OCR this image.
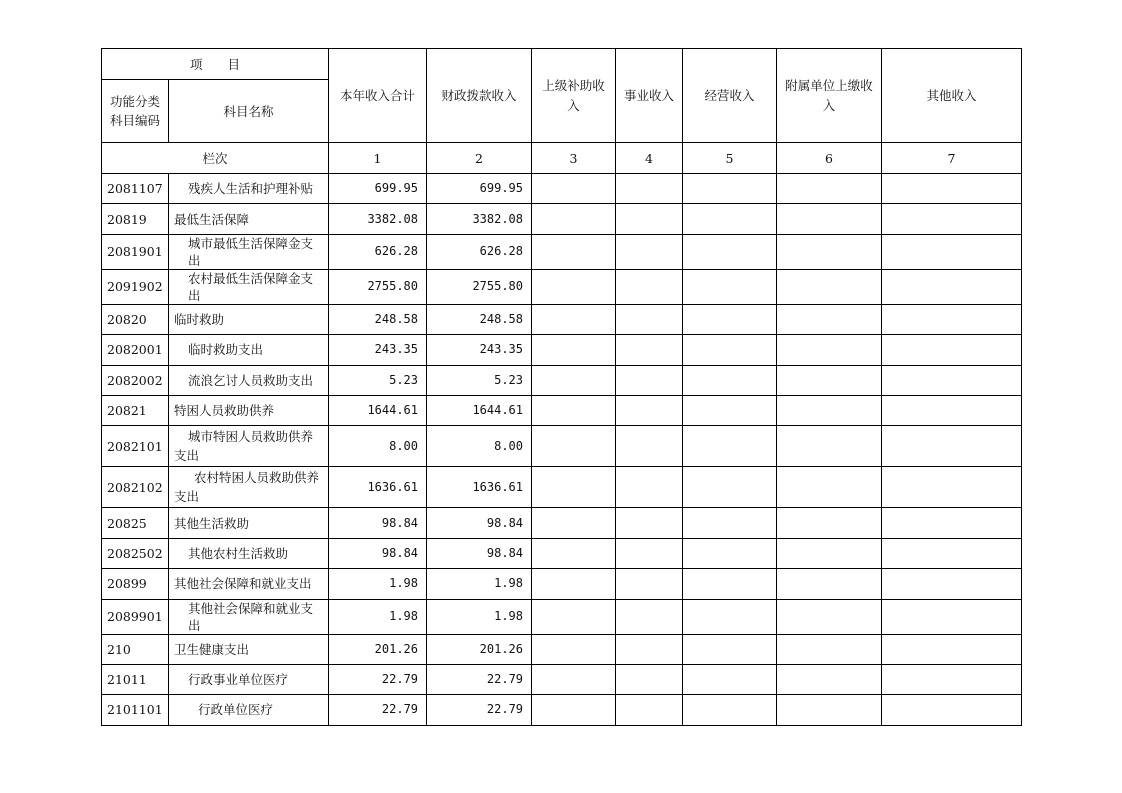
项　　目		本年收入合计	财政拨款收入	上级补助收入	事业收入	经营收入	附属单位上缴收入	其他收入
功能分类科目编码	科目名称							
栏次		1	2	3	4	5	6	7
2081107	残疾人生活和护理补贴	699.95	699.95					
20819	最低生活保障	3382.08	3382.08					
2081901	城市最低生活保障金支出	626.28	626.28					
2091902	农村最低生活保障金支出	2755.80	2755.80					
20820	临时救助	248.58	248.58					
2082001	临时救助支出	243.35	243.35					
2082002	流浪乞讨人员救助支出	5.23	5.23					
20821	特困人员救助供养	1644.61	1644.61					
2082101	城市特困人员救助供养支出	8.00	8.00					
2082102	农村特困人员救助供养支出	1636.61	1636.61					
20825	其他生活救助	98.84	98.84					
2082502	其他农村生活救助	98.84	98.84					
20899	其他社会保障和就业支出	1.98	1.98					
2089901	其他社会保障和就业支出	1.98	1.98					
210	卫生健康支出	201.26	201.26					
21011	行政事业单位医疗	22.79	22.79					
2101101	行政单位医疗	22.79	22.79					
